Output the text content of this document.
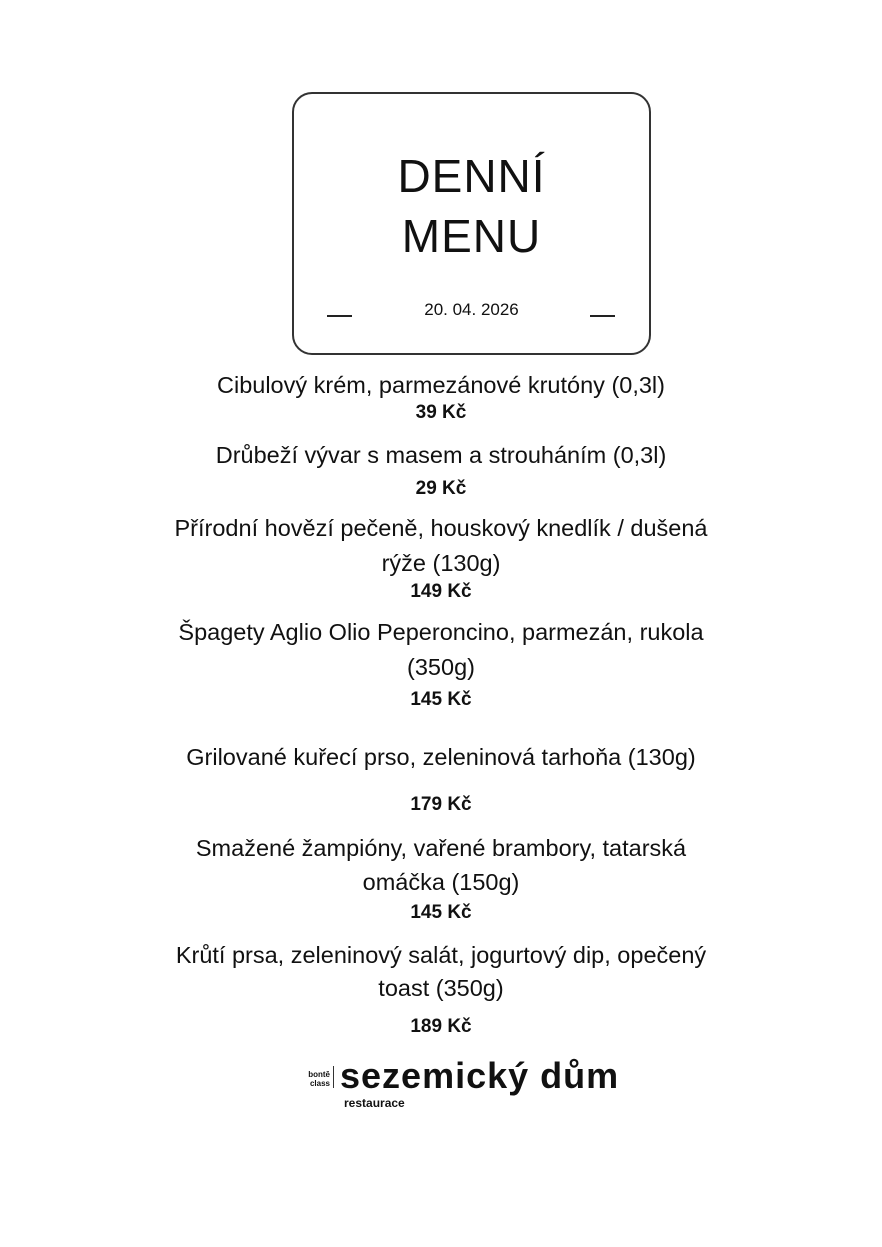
DENNÍ
MENU
20. 04. 2026
Cibulový krém, parmezánové krutóny (0,3l)
39 Kč
Drůbeží vývar s masem a strouháním (0,3l)
29 Kč
Přírodní hovězí pečeně, houskový knedlík / dušená
rýže (130g)
149 Kč
Špagety Aglio Olio Peperoncino, parmezán, rukola
(350g)
145 Kč
Grilované kuřecí prso, zeleninová tarhoňa (130g)
179 Kč
Smažené žampióny, vařené brambory, tatarská
omáčka (150g)
145 Kč
Krůtí prsa, zeleninový salát, jogurtový dip, opečený
toast (350g)
189 Kč
bontē
class sezemický dům
restaurace
